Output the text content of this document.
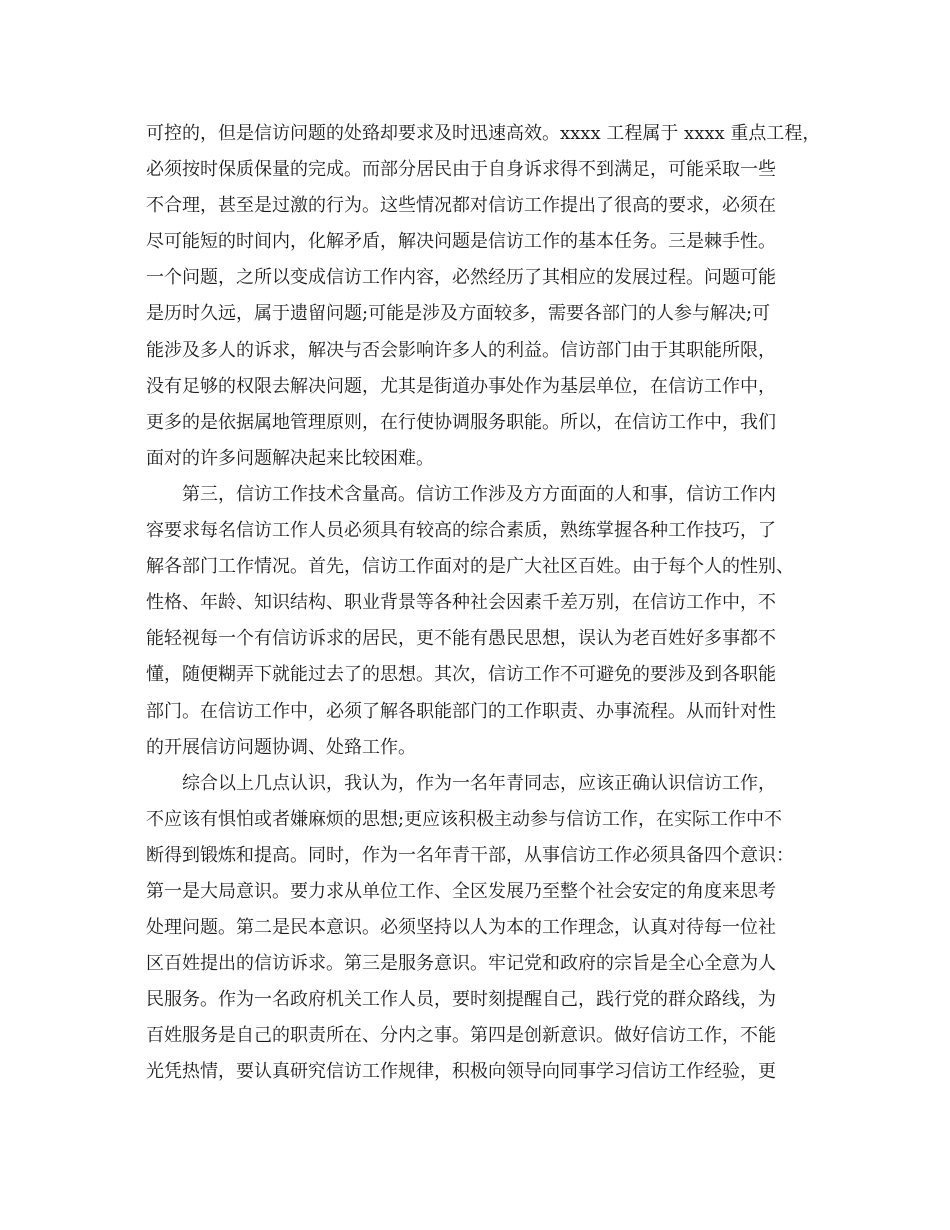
可控的，但是信访问题的处臵却要求及时迅速高效。xxxx 工程属于 xxxx 重点工程，
必须按时保质保量的完成。而部分居民由于自身诉求得不到满足，可能采取一些
不合理，甚至是过激的行为。这些情况都对信访工作提出了很高的要求，必须在
尽可能短的时间内，化解矛盾，解决问题是信访工作的基本任务。三是棘手性。
一个问题，之所以变成信访工作内容，必然经历了其相应的发展过程。问题可能
是历时久远，属于遗留问题;可能是涉及方面较多，需要各部门的人参与解决;可
能涉及多人的诉求，解决与否会影响许多人的利益。信访部门由于其职能所限，
没有足够的权限去解决问题，尤其是街道办事处作为基层单位，在信访工作中，
更多的是依据属地管理原则，在行使协调服务职能。所以，在信访工作中，我们
面对的许多问题解决起来比较困难。
第三，信访工作技术含量高。信访工作涉及方方面面的人和事，信访工作内
容要求每名信访工作人员必须具有较高的综合素质，熟练掌握各种工作技巧，了
解各部门工作情况。首先，信访工作面对的是广大社区百姓。由于每个人的性别、
性格、年龄、知识结构、职业背景等各种社会因素千差万别，在信访工作中，不
能轻视每一个有信访诉求的居民，更不能有愚民思想，误认为老百姓好多事都不
懂，随便糊弄下就能过去了的思想。其次，信访工作不可避免的要涉及到各职能
部门。在信访工作中，必须了解各职能部门的工作职责、办事流程。从而针对性
的开展信访问题协调、处臵工作。
综合以上几点认识，我认为，作为一名年青同志，应该正确认识信访工作，
不应该有惧怕或者嫌麻烦的思想;更应该积极主动参与信访工作，在实际工作中不
断得到锻炼和提高。同时，作为一名年青干部，从事信访工作必须具备四个意识：
第一是大局意识。要力求从单位工作、全区发展乃至整个社会安定的角度来思考
处理问题。第二是民本意识。必须坚持以人为本的工作理念，认真对待每一位社
区百姓提出的信访诉求。第三是服务意识。牢记党和政府的宗旨是全心全意为人
民服务。作为一名政府机关工作人员，要时刻提醒自己，践行党的群众路线，为
百姓服务是自己的职责所在、分内之事。第四是创新意识。做好信访工作，不能
光凭热情，要认真研究信访工作规律，积极向领导向同事学习信访工作经验，更
